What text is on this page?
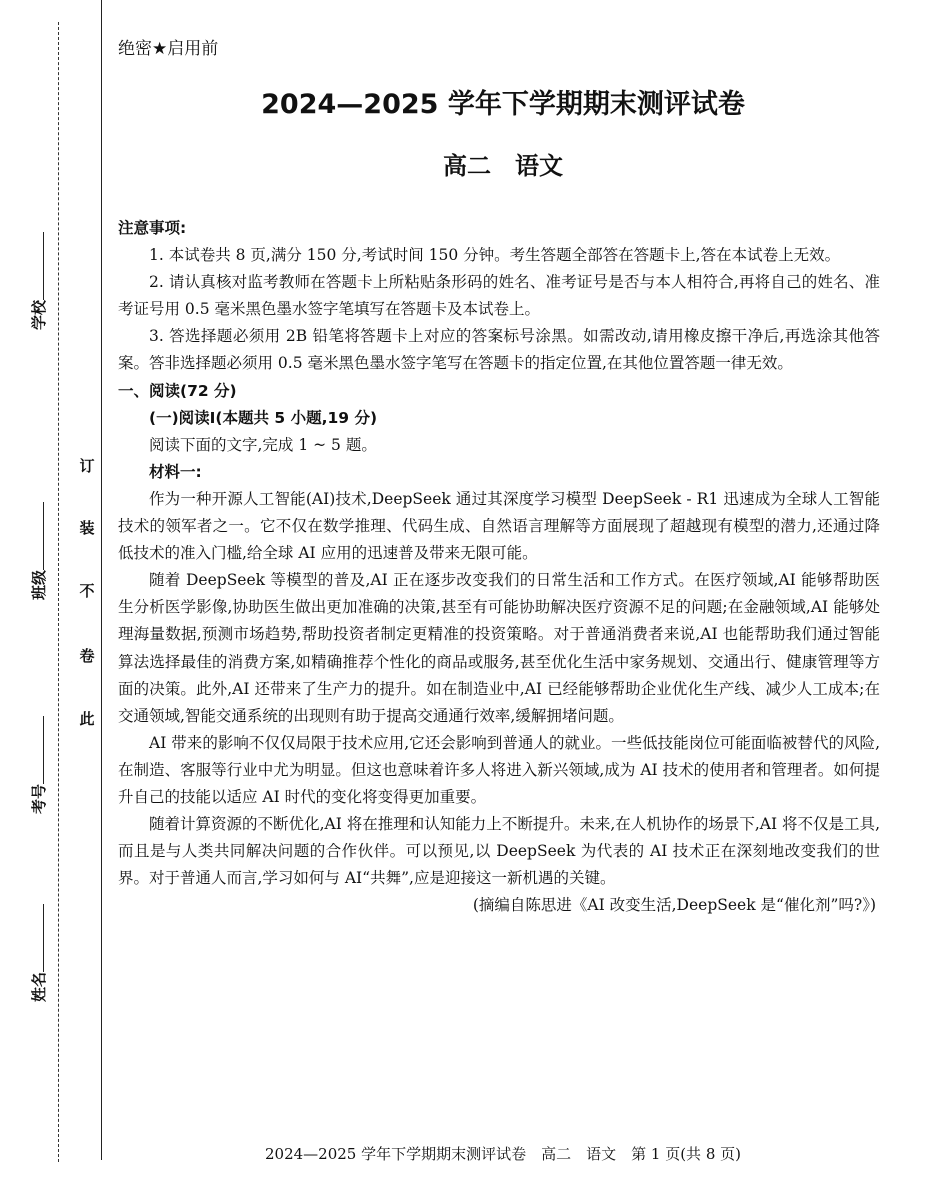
学校
班级
考号
姓名
订
装
不
卷
此
绝密★启用前
2024—2025 学年下学期期末测评试卷
高二　语文

注意事项:

1. 本试卷共 8 页,满分 150 分,考试时间 150 分钟。考生答题全部答在答题卡上,答在本试卷上无效。

2. 请认真核对监考教师在答题卡上所粘贴条形码的姓名、准考证号是否与本人相符合,再将自己的姓名、准考证号用 0.5 毫米黑色墨水签字笔填写在答题卡及本试卷上。

3. 答选择题必须用 2B 铅笔将答题卡上对应的答案标号涂黑。如需改动,请用橡皮擦干净后,再选涂其他答案。答非选择题必须用 0.5 毫米黑色墨水签字笔写在答题卡的指定位置,在其他位置答题一律无效。

一、阅读(72 分)

(一)阅读Ⅰ(本题共 5 小题,19 分)

阅读下面的文字,完成 1 ~ 5 题。

材料一:

作为一种开源人工智能(AI)技术,DeepSeek 通过其深度学习模型 DeepSeek - R1 迅速成为全球人工智能技术的领军者之一。它不仅在数学推理、代码生成、自然语言理解等方面展现了超越现有模型的潜力,还通过降低技术的准入门槛,给全球 AI 应用的迅速普及带来无限可能。

随着 DeepSeek 等模型的普及,AI 正在逐步改变我们的日常生活和工作方式。在医疗领域,AI 能够帮助医生分析医学影像,协助医生做出更加准确的决策,甚至有可能协助解决医疗资源不足的问题;在金融领域,AI 能够处理海量数据,预测市场趋势,帮助投资者制定更精准的投资策略。对于普通消费者来说,AI 也能帮助我们通过智能算法选择最佳的消费方案,如精确推荐个性化的商品或服务,甚至优化生活中家务规划、交通出行、健康管理等方面的决策。此外,AI 还带来了生产力的提升。如在制造业中,AI 已经能够帮助企业优化生产线、减少人工成本;在交通领域,智能交通系统的出现则有助于提高交通通行效率,缓解拥堵问题。

AI 带来的影响不仅仅局限于技术应用,它还会影响到普通人的就业。一些低技能岗位可能面临被替代的风险,在制造、客服等行业中尤为明显。但这也意味着许多人将进入新兴领域,成为 AI 技术的使用者和管理者。如何提升自己的技能以适应 AI 时代的变化将变得更加重要。

随着计算资源的不断优化,AI 将在推理和认知能力上不断提升。未来,在人机协作的场景下,AI 将不仅是工具,而且是与人类共同解决问题的合作伙伴。可以预见,以 DeepSeek 为代表的 AI 技术正在深刻地改变我们的世界。对于普通人而言,学习如何与 AI“共舞”,应是迎接这一新机遇的关键。

(摘编自陈思进《AI 改变生活,DeepSeek 是“催化剂”吗?》)

2024—2025 学年下学期期末测评试卷　高二　语文　第 1 页(共 8 页)
